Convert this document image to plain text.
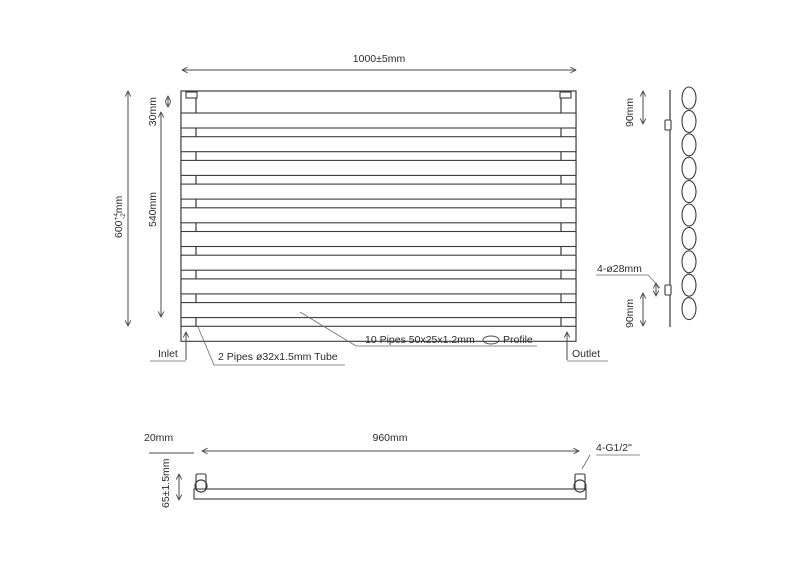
1000±5mm
30mm
$600^{+4}-2mm$ 540mm
Inlet	2 Pipes ø32x1.5mm Tube
10 Pipes 50x25x1.2mm	Profile
Outlet
90mm
90mm
4-ø28mm
20mm	960mm
4-G1/2"
65±1.5mm
